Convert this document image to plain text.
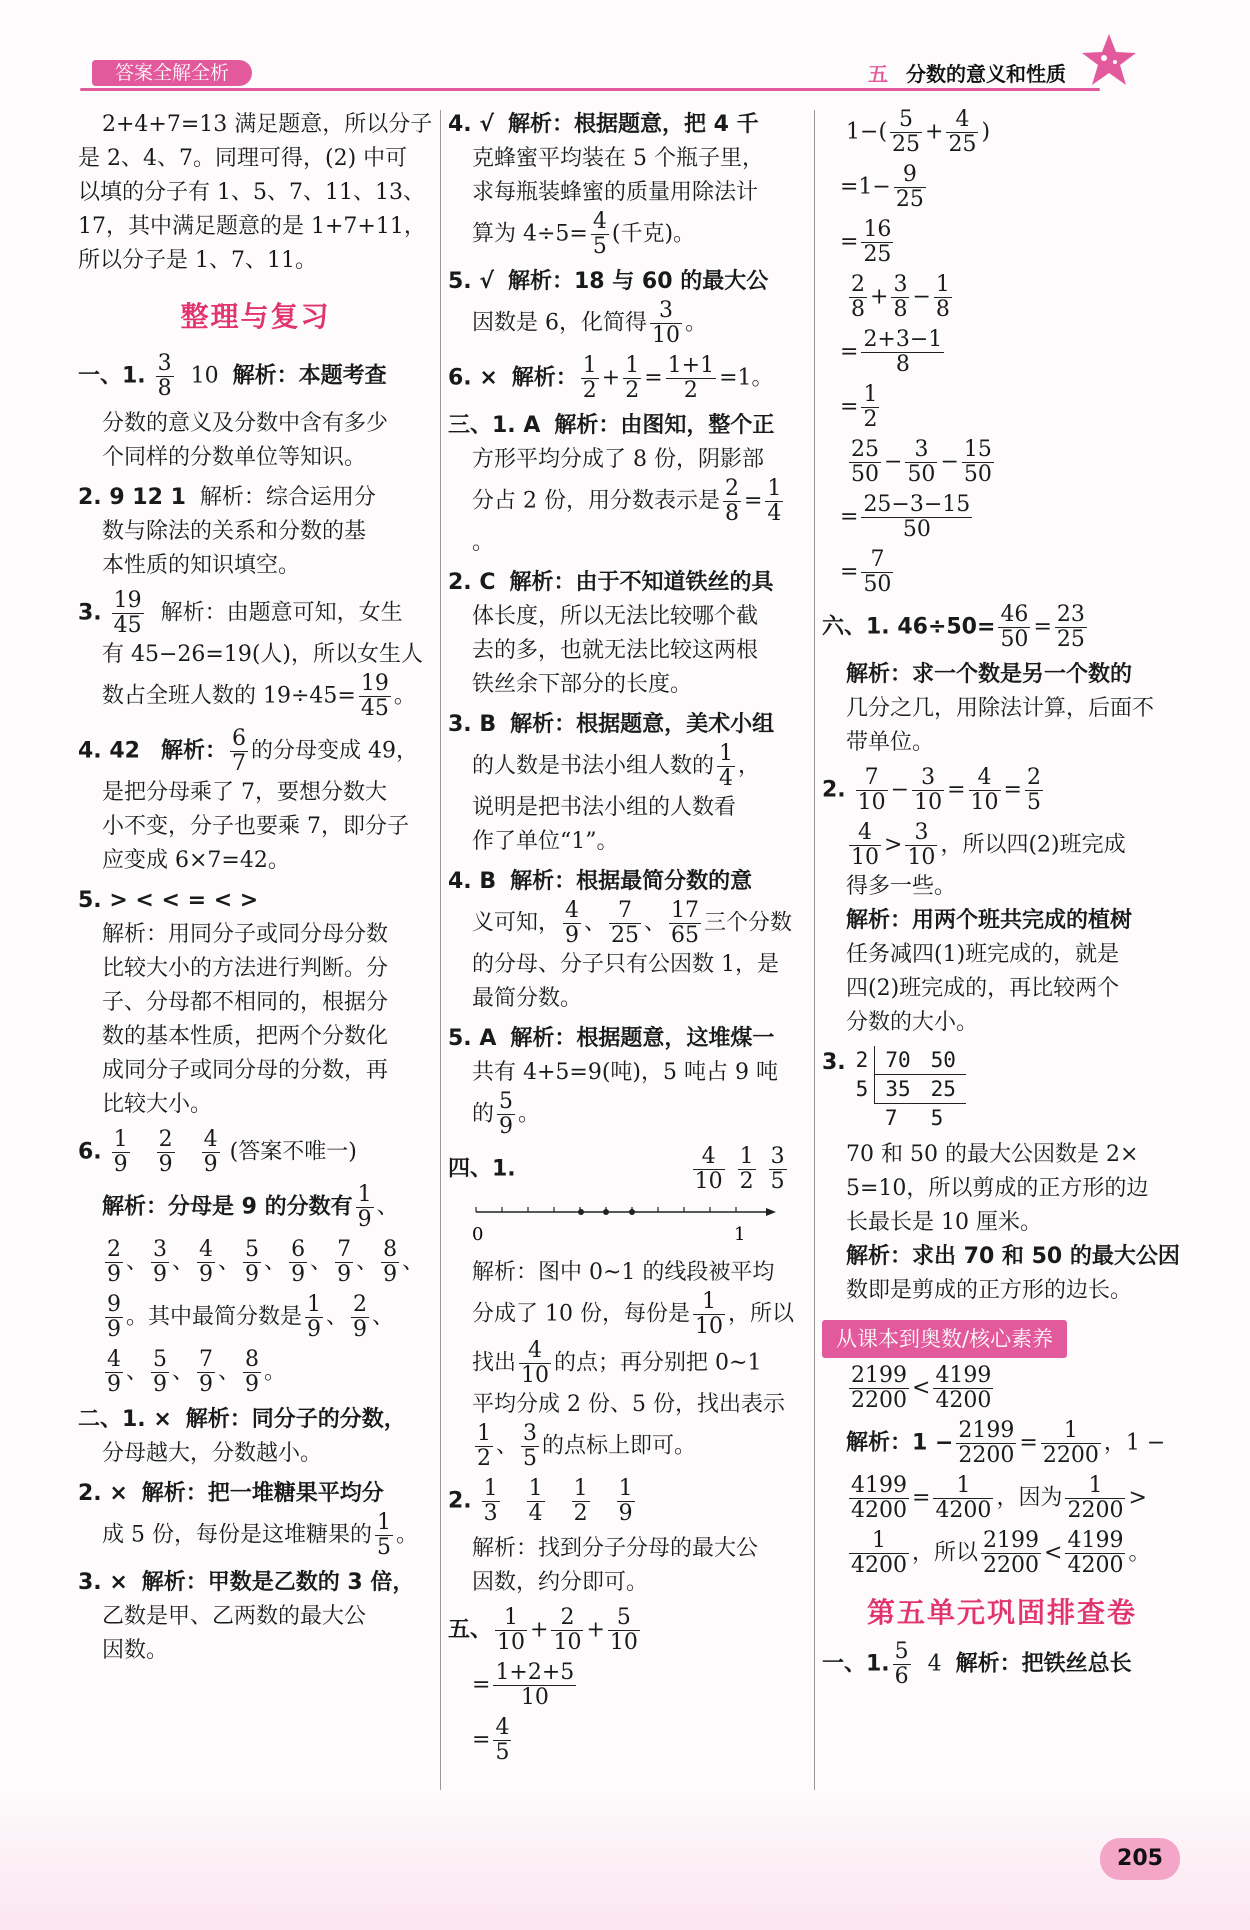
答案全解全析	五 分数的意义和性质
2+4+7=13 满足题意，所以分子
是 2、4、7。同理可得，(2) 中可
以填的分子有 1、5、7、11、13、
17，其中满足题意的是 1+7+11，
所以分子是 1、7、11。
整理与复习
一、1. $\frac{3}{8} 10$ 解析：本题考查
分数的意义及分数中含有多少
个同样的分数单位等知识。
2. 9 12 1 解析：综合运用分
数与除法的关系和分数的基
本性质的知识填空。
3. $\frac{19}{45}$ 解析：由题意可知，女生
有 45−26=19(人)，所以女生人
数占全班人数的 $19\div 45= \frac{19}{45}$ 。
4. 42 解析： $\frac{6}{7}$ 的分母变成 49，
是把分母乘了 7，要想分数大
小不变，分子也要乘 7，即分子
应变成 6×7=42。
5. > < < = < >
解析：用同分子或同分母分数
比较大小的方法进行判断。分
子、分母都不相同的，根据分
数的基本性质，把两个分数化
成同分子或同分母的分数，再
比较大小。
6. $\frac{1}{9}$
$\frac{2}{9}$
$\frac{4}{9}$ (答案不唯一)
解析：分母是 9 的分数有 $\frac{1}{9}$ 、
$\frac{2}{9}$ 、 $\frac{3}{9}$ 、 $\frac{4}{9}$ 、 $\frac{5}{9}$ 、 $\frac{6}{9}$ 、 $\frac{7}{9}$ 、 $\frac{8}{9}$ 、
$\frac{9}{9}$ 。其中最简分数是 $\frac{1}{9}$ 、 $\frac{2}{9}$ 、
$\frac{4}{9}$ 、 $\frac{5}{9}$ 、 $\frac{7}{9}$ 、 $\frac{8}{9}$ 。
二、1. × 解析：同分子的分数，
分母越大，分数越小。
2. × 解析：把一堆糖果平均分
成 5 份，每份是这堆糖果的 $\frac{1}{5}$ 。
3. × 解析：甲数是乙数的 3 倍，
乙数是甲、乙两数的最大公
因数。
4. √ 解析：根据题意，把 4 千
克蜂蜜平均装在 5 个瓶子里，
求每瓶装蜂蜜的质量用除法计
算为 $4\div 5= \frac{4}{5}$ (千克)。
5. √ 解析：18 与 60 的最大公
因数是 6，化简得 $\frac{3}{10}$ 。
6. × 解析： $\frac{1}{2} + \frac{1}{2} = \frac{1+1}{2} =1$。
三、1. A 解析：由图知，整个正
方形平均分成了 8 份，阴影部
分占 2 份，用分数表示是 $\frac{2}{8} = \frac{1}{4}$
。
2. C 解析：由于不知道铁丝的具
体长度，所以无法比较哪个截
去的多，也就无法比较这两根
铁丝余下部分的长度。
3. B 解析：根据题意，美术小组
的人数是书法小组人数的 $\frac{1}{4}$ ，
说明是把书法小组的人数看
作了单位“1”。
4. B 解析：根据最简分数的意
义可知， $\frac{4}{9}$ 、 $\frac{7}{25}$ 、 $\frac{17}{65}$ 三个分数
的分母、分子只有公因数 1，是
最简分数。
5. A 解析：根据题意，这堆煤一
共有 4+5=9(吨)，5 吨占 9 吨
的 $\frac{5}{9}$ 。
四、1.	$\frac{4}{10}$
$\frac{1}{2}$
$\frac{3}{5}$
0	1
解析：图中 0~1 的线段被平均
分成了 10 份，每份是 $\frac{1}{10}$ ，所以
找出 $\frac{4}{10}$ 的点；再分别把 0~1
平均分成 2 份、5 份，找出表示
$\frac{1}{2}$ 、 $\frac{3}{5}$ 的点标上即可。
2. $\frac{1}{3}$
$\frac{1}{4}$
$\frac{1}{2}$
$\frac{1}{9}$

解析：找到分子分母的最大公
因数，约分即可。
五、 $\frac{1}{10} + \frac{2}{10} + \frac{5}{10}$
= $\frac{1+2+5}{10}$
= $\frac{4}{5}$
$1-( \frac{5}{25} + \frac{4}{25}$ )
$=1- \frac{9}{25}$
= $\frac{16}{25}$
$\frac{2}{8} + \frac{3}{8} - \frac{1}{8}$
= $\frac{2+3-1}{8}$
= $\frac{1}{2}$
$\frac{25}{50} - \frac{3}{50} - \frac{15}{50}$
= $\frac{25-3-15}{50}$
= $\frac{7}{50}$
六、1. $46\div 50= \frac{46}{50} = \frac{23}{25}$
解析：求一个数是另一个数的
几分之几，用除法计算，后面不
带单位。
2. $\frac{7}{10} - \frac{3}{10} = \frac{4}{10} = \frac{2}{5}$
$\frac{4}{10} > \frac{3}{10}$ ，所以四(2)班完成
得多一些。
解析：用两个班共完成的植树
任务减四(1)班完成的，就是
四(2)班完成的，再比较两个
分数的大小。
3. 2	70	50
5	35	25
	7	5
70 和 50 的最大公因数是 2×
5=10，所以剪成的正方形的边
长最长是 10 厘米。
解析：求出 70 和 50 的最大公因
数即是剪成的正方形的边长。
从课本到奥数/核心素养
$\frac{2199}{2200} < \frac{4199}{4200}$
解析：$1 - \frac{2199}{2200} = \frac{1}{2200}$ ，1 −
$\frac{4199}{4200} = \frac{1}{4200}$ ，因为 $\frac{1}{2200}$ >
$\frac{1}{4200}$ ，所以 $\frac{2199}{2200} < \frac{4199}{4200}$ 。
第五单元巩固排查卷
一、1. $\frac{5}{6} 4$ 解析：把铁丝总长
205
